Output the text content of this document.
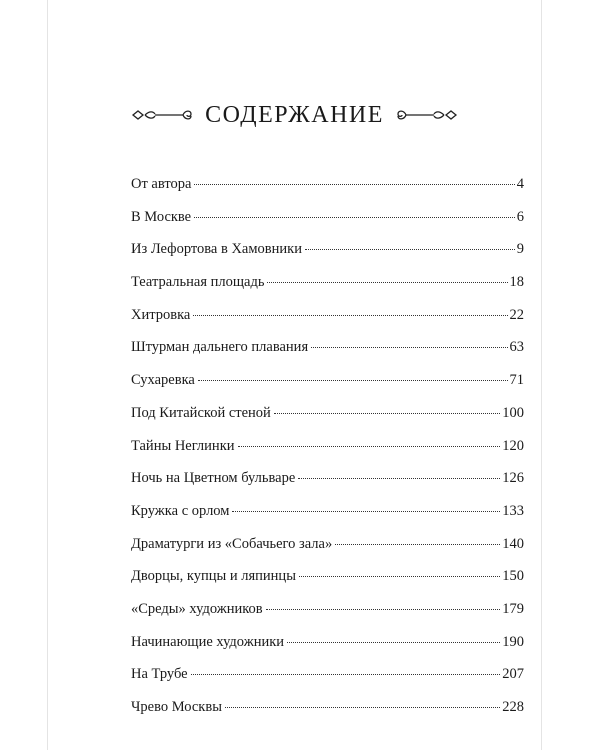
СОДЕРЖАНИЕ
От автора	4
В Москве	6
Из Лефортова в Хамовники	9
Театральная площадь	18
Хитровка	22
Штурман дальнего плавания	63
Сухаревка	71
Под Китайской стеной	100
Тайны Неглинки	120
Ночь на Цветном бульваре	126
Кружка с орлом	133
Драматурги из «Собачьего зала»	140
Дворцы, купцы и ляпинцы	150
«Среды» художников	179
Начинающие художники	190
На Трубе	207
Чрево Москвы	228
